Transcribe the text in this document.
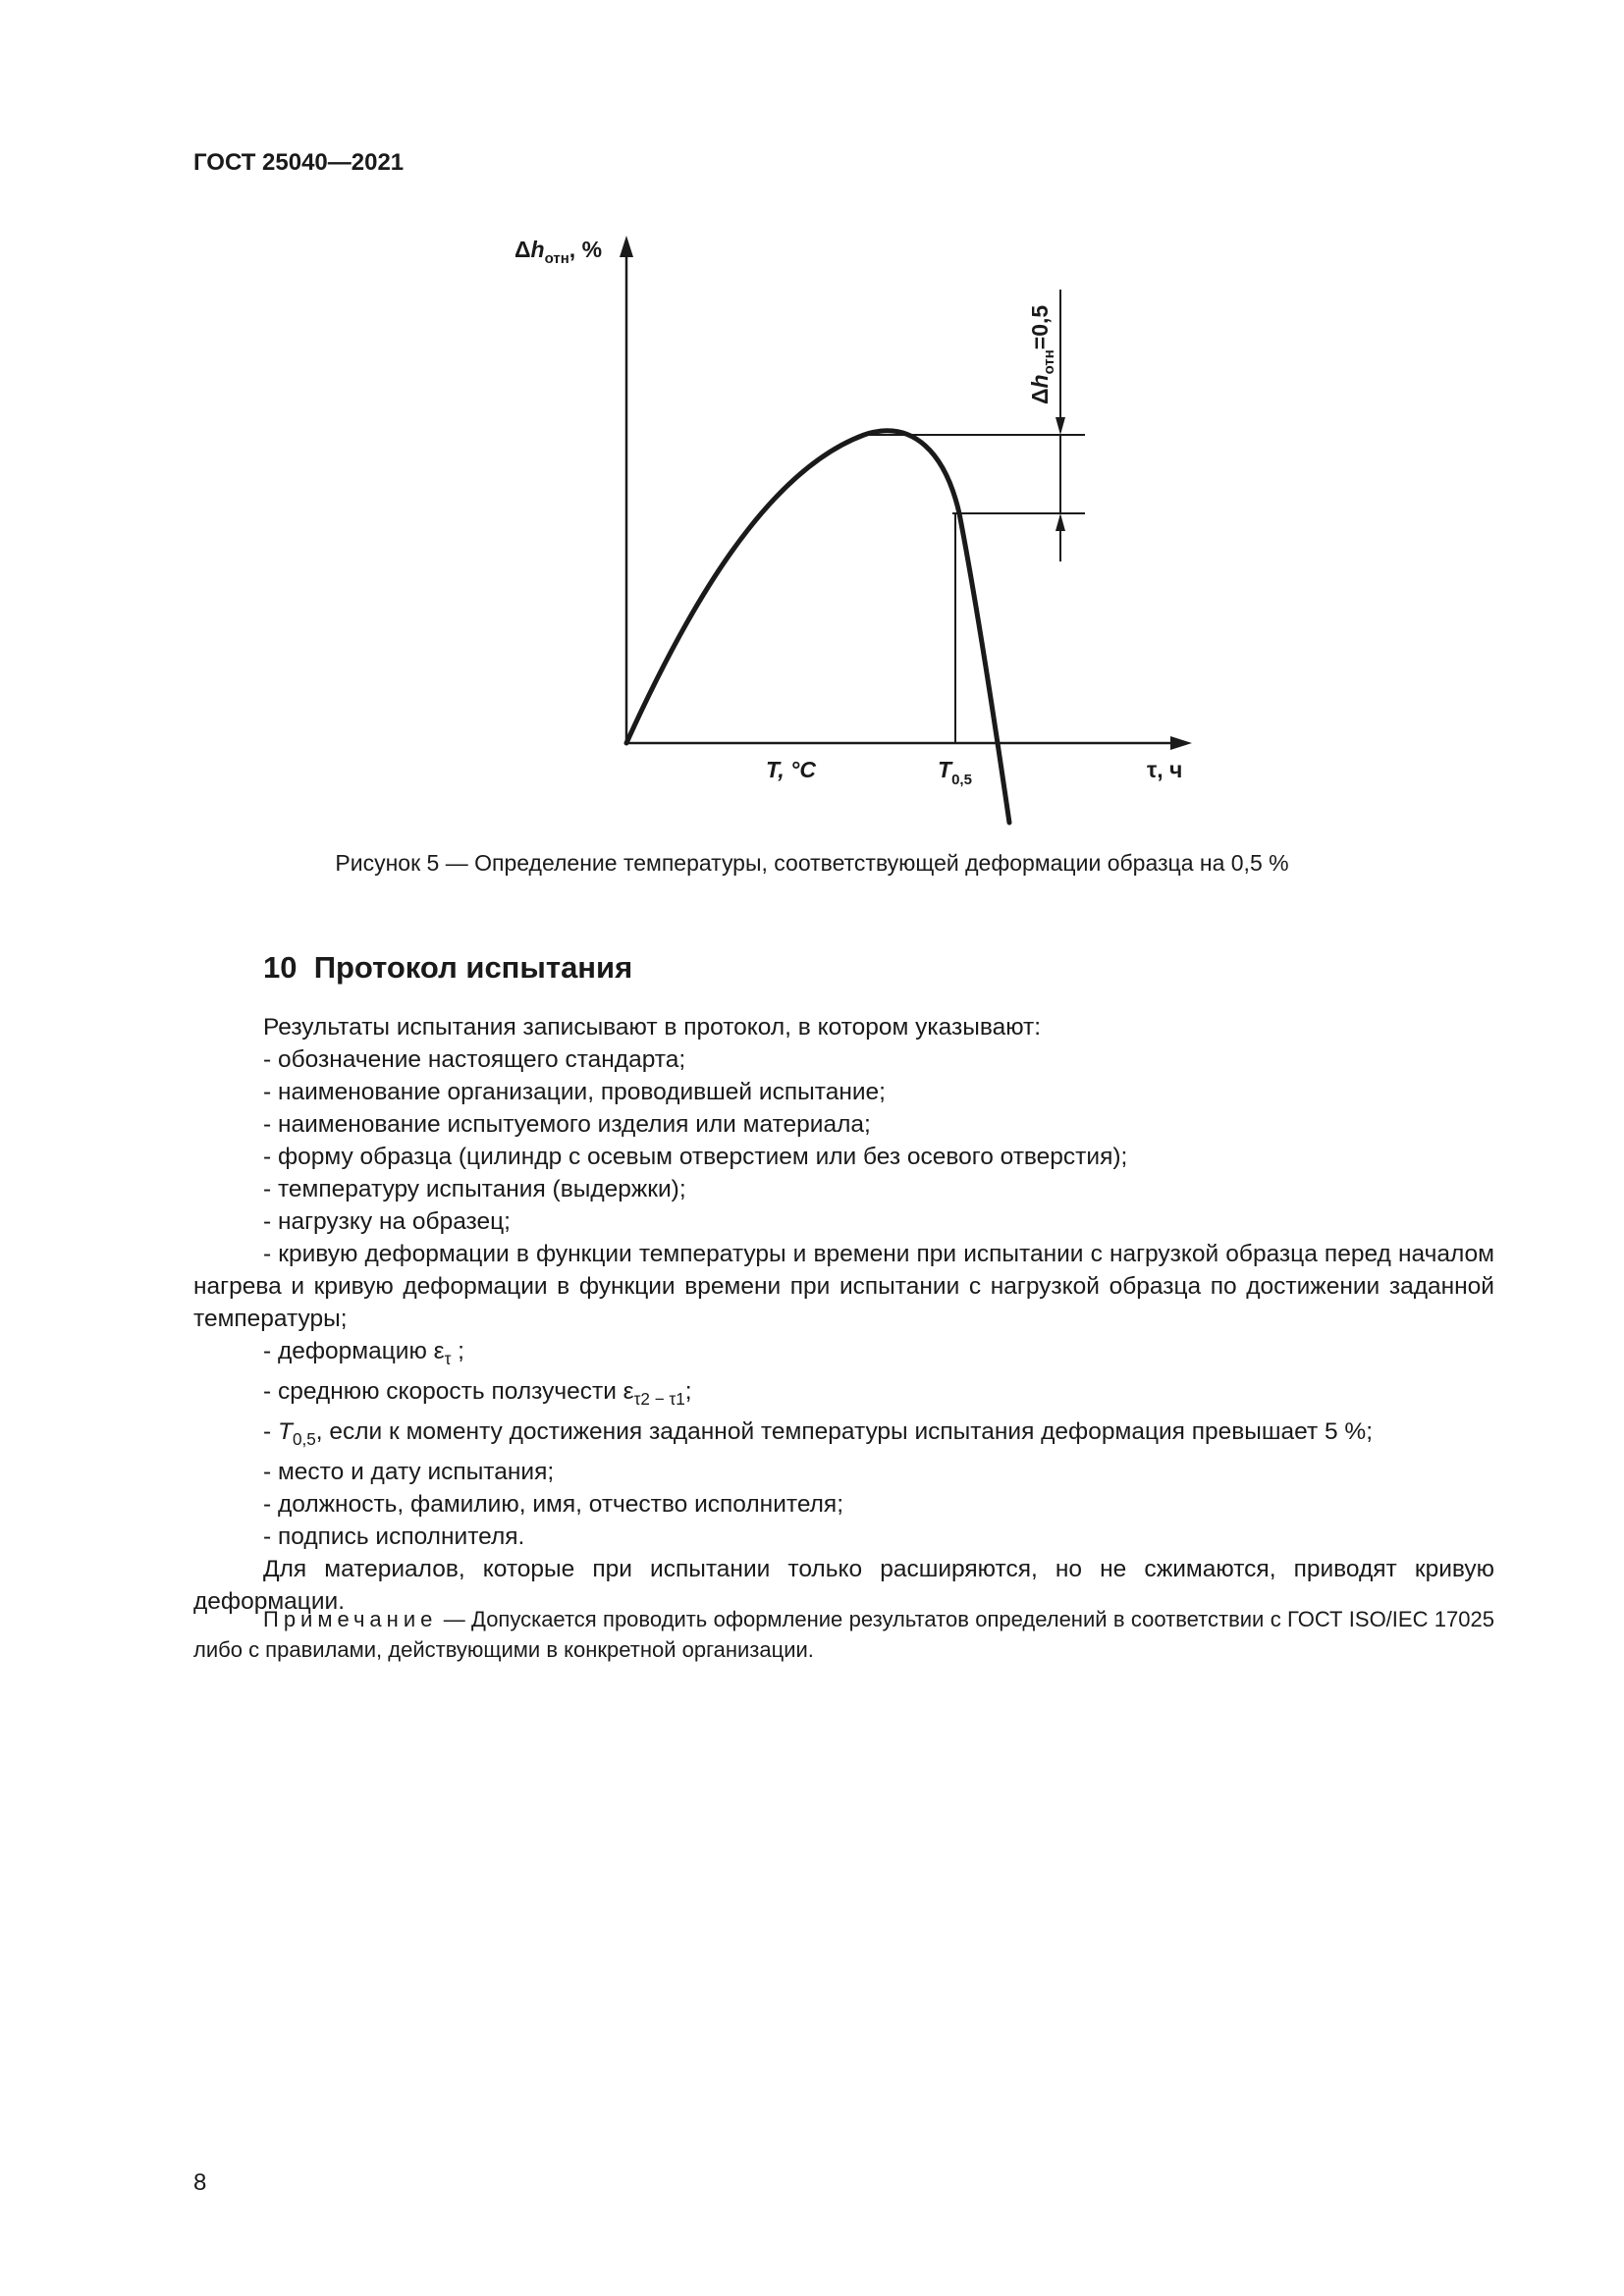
ГОСТ 25040—2021
$\Delta h_{отн}$, %
$\Delta h_{отн}=0,5$
T, °C	$T_{0,5}$	τ, ч
Рисунок 5 — Определение температуры, соответствующей деформации образца на 0,5 %
10 Протокол испытания

Результаты испытания записывают в протокол, в котором указывают:

- обозначение настоящего стандарта;

- наименование организации, проводившей испытание;

- наименование испытуемого изделия или материала;

- форму образца (цилиндр с осевым отверстием или без осевого отверстия);

- температуру испытания (выдержки);

- нагрузку на образец;

- кривую деформации в функции температуры и времени при испытании с нагрузкой образца перед началом нагрева и кривую деформации в функции времени при испытании с нагрузкой образца по достижении заданной температуры;

- деформацию $\varepsilon_\tau$ ;

- среднюю скорость ползучести $\varepsilon_{\tau 2 - \tau 1}$;

- $T_{0,5}$, если к моменту достижения заданной температуры испытания деформация превышает 5 %;

- место и дату испытания;

- должность, фамилию, имя, отчество исполнителя;

- подпись исполнителя.

Для материалов, которые при испытании только расширяются, но не сжимаются, приводят кривую деформации.

Примечание — Допускается проводить оформление результатов определений в соответствии с ГОСТ ISO/IEC 17025 либо с правилами, действующими в конкретной организации.
8
